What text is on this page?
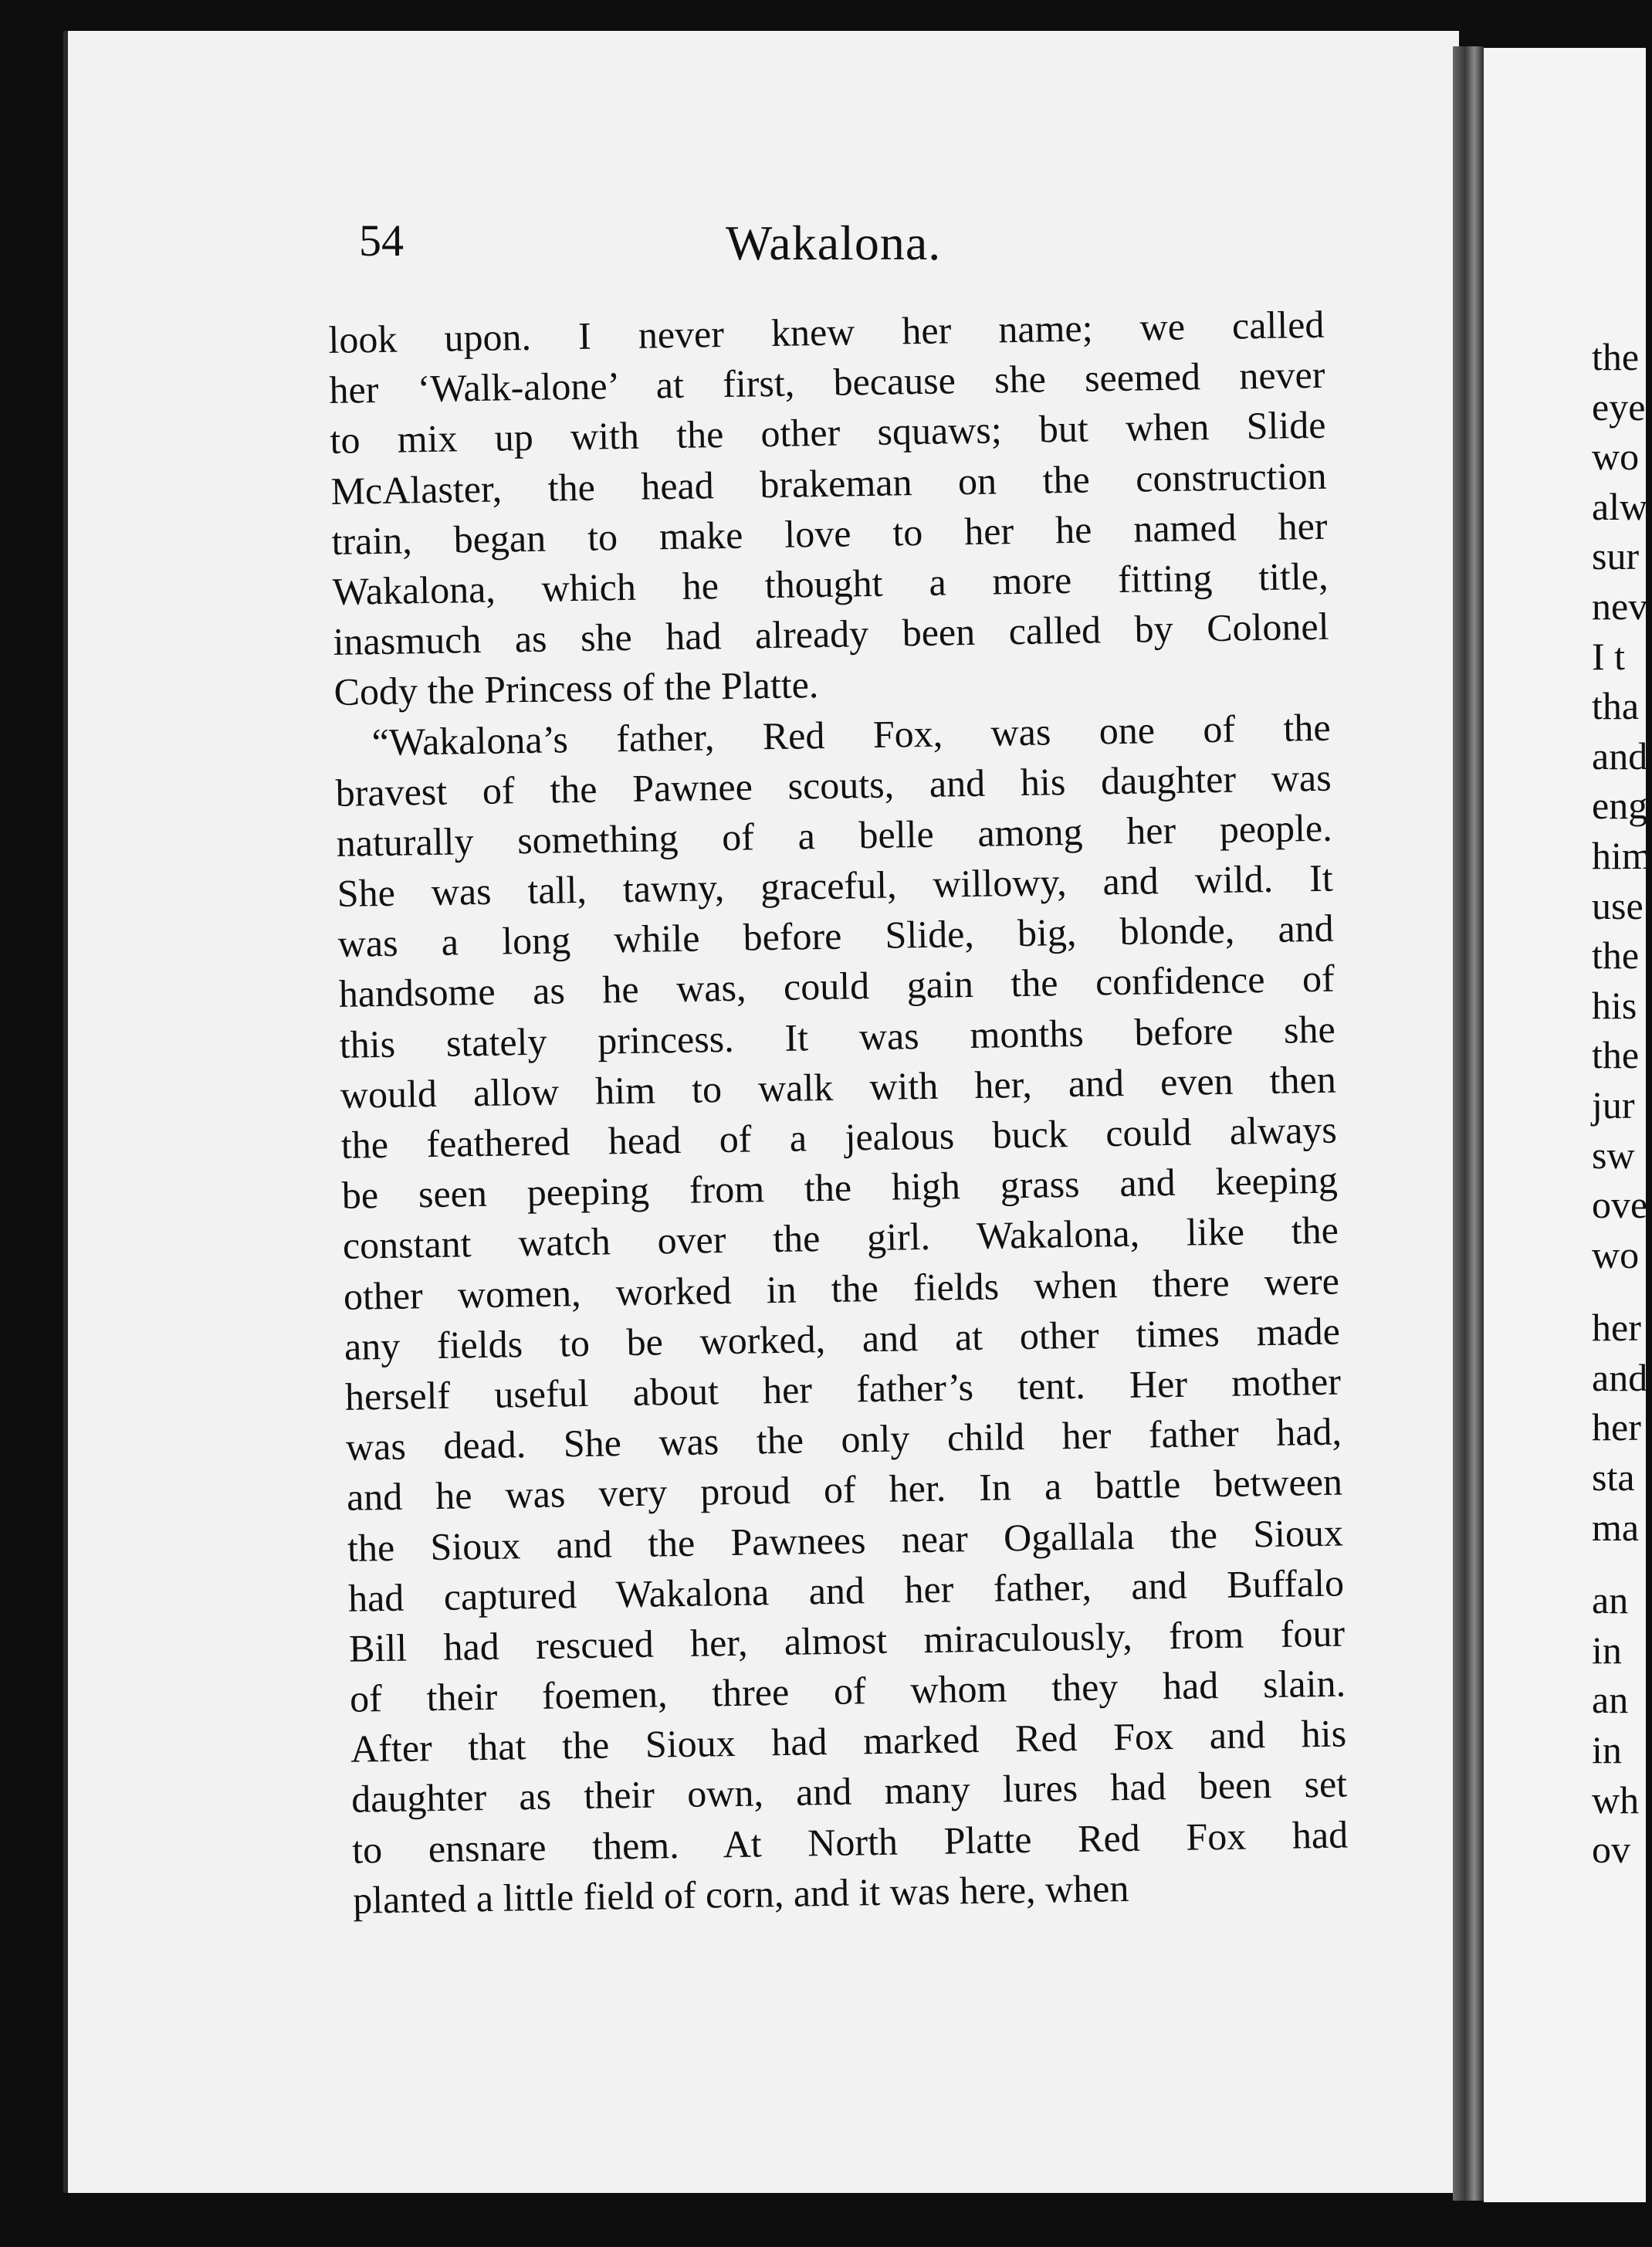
the
eye
wo
alw
sur
nev
I t
tha
and
eng
him
use
the
his
the
jur
sw
ove
wo
her
and
her
sta
ma
an
in
an
in
wh
ov
54	Wakalona.
look upon. I never knew her name; we called
her ‘Walk-alone’ at first, because she seemed never
to mix up with the other squaws; but when Slide
McAlaster, the head brakeman on the construction
train, began to make love to her he named her
Wakalona, which he thought a more fitting title,
inasmuch as she had already been called by Colonel
Cody the Princess of the Platte.
“Wakalona’s father, Red Fox, was one of the
bravest of the Pawnee scouts, and his daughter was
naturally something of a belle among her people.
She was tall, tawny, graceful, willowy, and wild. It
was a long while before Slide, big, blonde, and
handsome as he was, could gain the confidence of
this stately princess. It was months before she
would allow him to walk with her, and even then
the feathered head of a jealous buck could always
be seen peeping from the high grass and keeping
constant watch over the girl. Wakalona, like the
other women, worked in the fields when there were
any fields to be worked, and at other times made
herself useful about her father’s tent. Her mother
was dead. She was the only child her father had,
and he was very proud of her. In a battle between
the Sioux and the Pawnees near Ogallala the Sioux
had captured Wakalona and her father, and Buffalo
Bill had rescued her, almost miraculously, from four
of their foemen, three of whom they had slain.
After that the Sioux had marked Red Fox and his
daughter as their own, and many lures had been set
to ensnare them. At North Platte Red Fox had
planted a little field of corn, and it was here, when
